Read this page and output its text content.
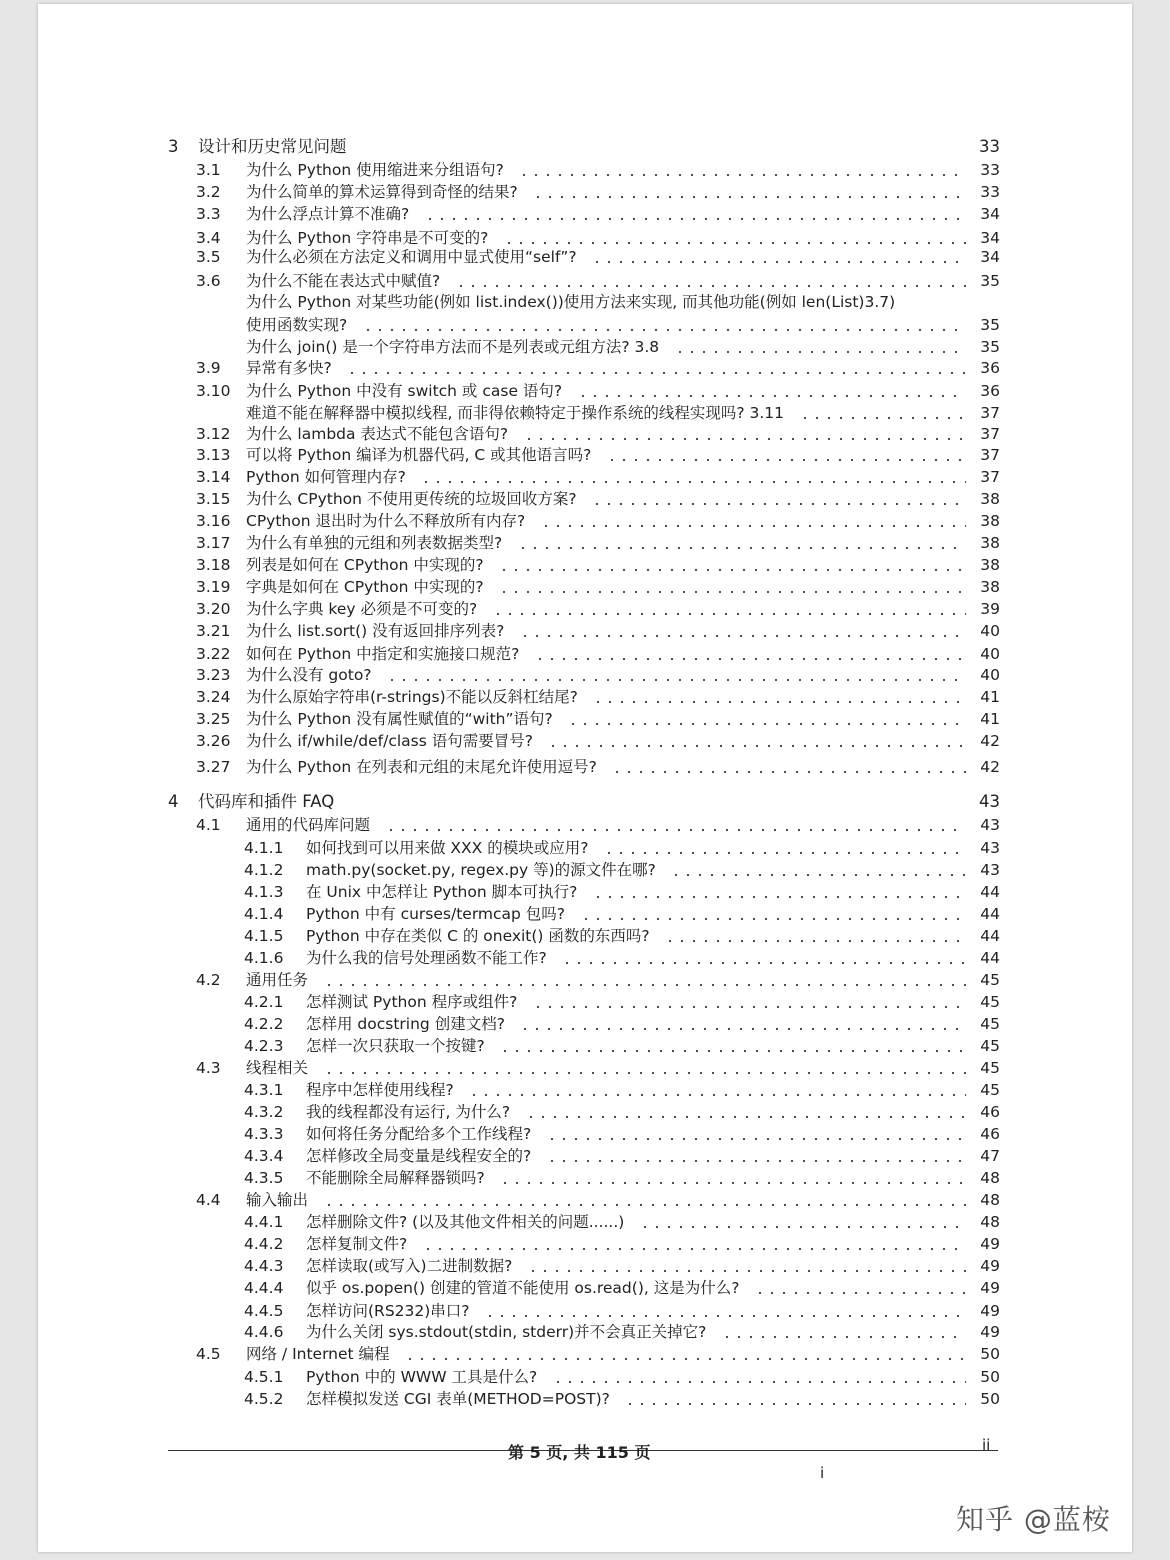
3 设计和历史常见问题	33
3.1 为什么 Python 使用缩进来分组语句?	33
3.2 为什么简单的算术运算得到奇怪的结果?	33
3.3 为什么浮点计算不准确?	34
3.4 为什么 Python 字符串是不可变的?	34
3.5 为什么必须在方法定义和调用中显式使用“self”?	34
3.6 为什么不能在表达式中赋值?	35
为什么 Python 对某些功能(例如 list.index())使用方法来实现, 而其他功能(例如 len(List)3.7)
使用函数实现?	35
为什么 join() 是一个字符串方法而不是列表或元组方法? 3.8	35
3.9 异常有多快?	36
3.10 为什么 Python 中没有 switch 或 case 语句?	36
难道不能在解释器中模拟线程, 而非得依赖特定于操作系统的线程实现吗? 3.11	37
3.12 为什么 lambda 表达式不能包含语句?	37
3.13 可以将 Python 编译为机器代码, C 或其他语言吗?	37
3.14 Python 如何管理内存?	37
3.15 为什么 CPython 不使用更传统的垃圾回收方案?	38
3.16 CPython 退出时为什么不释放所有内存?	38
3.17 为什么有单独的元组和列表数据类型?	38
3.18 列表是如何在 CPython 中实现的?	38
3.19 字典是如何在 CPython 中实现的?	38
3.20 为什么字典 key 必须是不可变的?	39
3.21 为什么 list.sort() 没有返回排序列表?	40
3.22 如何在 Python 中指定和实施接口规范?	40
3.23 为什么没有 goto?	40
3.24 为什么原始字符串(r-strings)不能以反斜杠结尾?	41
3.25 为什么 Python 没有属性赋值的“with”语句?	41
3.26 为什么 if/while/def/class 语句需要冒号?	42
3.27 为什么 Python 在列表和元组的末尾允许使用逗号?	42
4 代码库和插件 FAQ	43
4.1 通用的代码库问题	43
4.1.1 如何找到可以用来做 XXX 的模块或应用?	43
4.1.2 math.py(socket.py, regex.py 等)的源文件在哪?	43
4.1.3 在 Unix 中怎样让 Python 脚本可执行?	44
4.1.4 Python 中有 curses/termcap 包吗?	44
4.1.5 Python 中存在类似 C 的 onexit() 函数的东西吗?	44
4.1.6 为什么我的信号处理函数不能工作?	44
4.2 通用任务	45
4.2.1 怎样测试 Python 程序或组件?	45
4.2.2 怎样用 docstring 创建文档?	45
4.2.3 怎样一次只获取一个按键?	45
4.3 线程相关	45
4.3.1 程序中怎样使用线程?	45
4.3.2 我的线程都没有运行, 为什么?	46
4.3.3 如何将任务分配给多个工作线程?	46
4.3.4 怎样修改全局变量是线程安全的?	47
4.3.5 不能删除全局解释器锁吗?	48
4.4 输入输出	48
4.4.1 怎样删除文件? (以及其他文件相关的问题......)	48
4.4.2 怎样复制文件?	49
4.4.3 怎样读取(或写入)二进制数据?	49
4.4.4 似乎 os.popen() 创建的管道不能使用 os.read(), 这是为什么?	49
4.4.5 怎样访问(RS232)串口?	49
4.4.6 为什么关闭 sys.stdout(stdin, stderr)并不会真正关掉它?	49
4.5 网络 / Internet 编程	50
4.5.1 Python 中的 WWW 工具是什么?	50
4.5.2 怎样模拟发送 CGI 表单(METHOD=POST)?	50
第 5 页, 共 115 页	ii
i
知乎 @蓝桉
